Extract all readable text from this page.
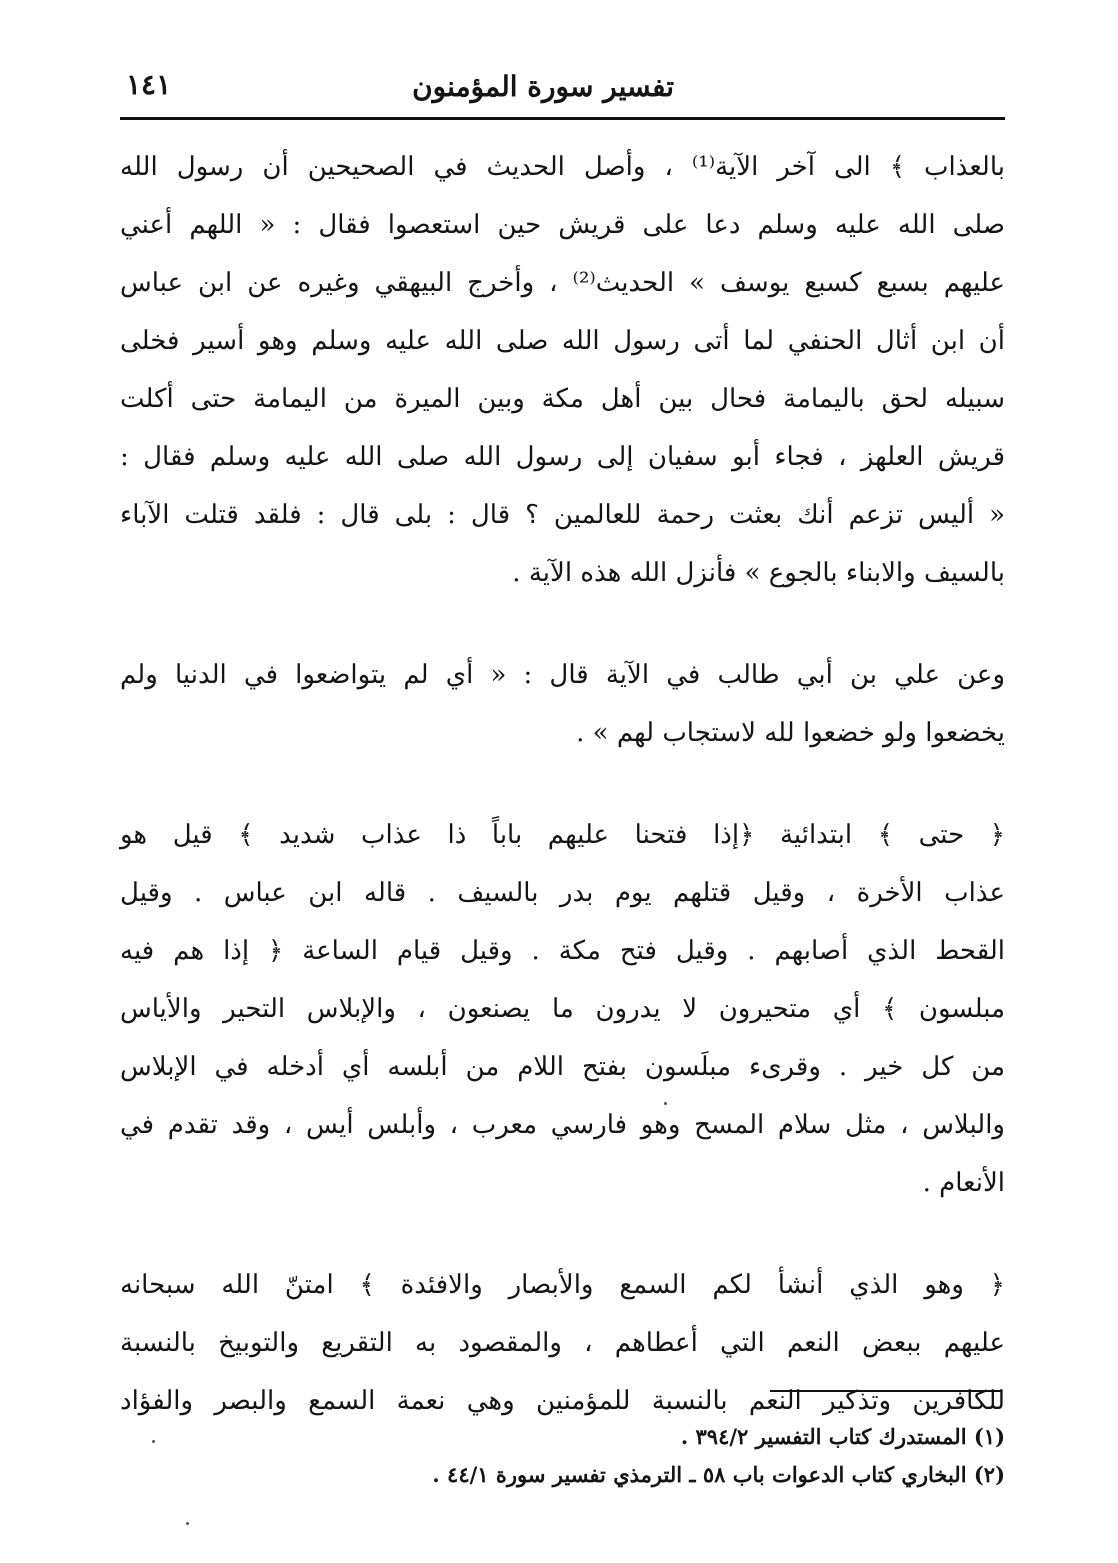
تفسير سورة المؤمنون
١٤١
بالعذاب ﴾ الى آخر الآية⁽¹⁾ ، وأصل الحديث في الصحيحين أن رسول الله
صلى الله عليه وسلم دعا على قريش حين استعصوا فقال : « اللهم أعني
عليهم بسبع كسبع يوسف » الحديث⁽²⁾ ، وأخرج البيهقي وغيره عن ابن عباس
أن ابن أثال الحنفي لما أتى رسول الله صلى الله عليه وسلم وهو أسير فخلى
سبيله لحق باليمامة فحال بين أهل مكة وبين الميرة من اليمامة حتى أكلت
قريش العلهز ، فجاء أبو سفيان إلى رسول الله صلى الله عليه وسلم فقال :
« أليس تزعم أنك بعثت رحمة للعالمين ؟ قال : بلى قال : فلقد قتلت الآباء
بالسيف والابناء بالجوع » فأنزل الله هذه الآية .
وعن علي بن أبي طالب في الآية قال : « أي لم يتواضعوا في الدنيا ولم
يخضعوا ولو خضعوا لله لاستجاب لهم » .
﴿ حتى ﴾ ابتدائية ﴿إذا فتحنا عليهم باباً ذا عذاب شديد ﴾ قيل هو
عذاب الأخرة ، وقيل قتلهم يوم بدر بالسيف . قاله ابن عباس . وقيل
القحط الذي أصابهم . وقيل فتح مكة . وقيل قيام الساعة ﴿ إذا هم فيه
مبلسون ﴾ أي متحيرون لا يدرون ما يصنعون ، والإبلاس التحير والأياس
من كل خير . وقرىء مبلَسون بفتح اللام من أبلسه أي أدخله في الإبلاس
والبلاس ، مثل سلام المسح وهو فارسي معرب ، وأبلس أيس ، وقد تقدم في
الأنعام .
﴿ وهو الذي أنشأ لكم السمع والأبصار والافئدة ﴾ امتنّ الله سبحانه
عليهم ببعض النعم التي أعطاهم ، والمقصود به التقريع والتوبيخ بالنسبة
للكافرين وتذكير النعم بالنسبة للمؤمنين وهي نعمة السمع والبصر والفؤاد
(١) المستدرك كتاب التفسير ٣٩٤/٢ .
(٢) البخاري كتاب الدعوات باب ٥٨ ـ الترمذي تفسير سورة ٤٤/١ .
